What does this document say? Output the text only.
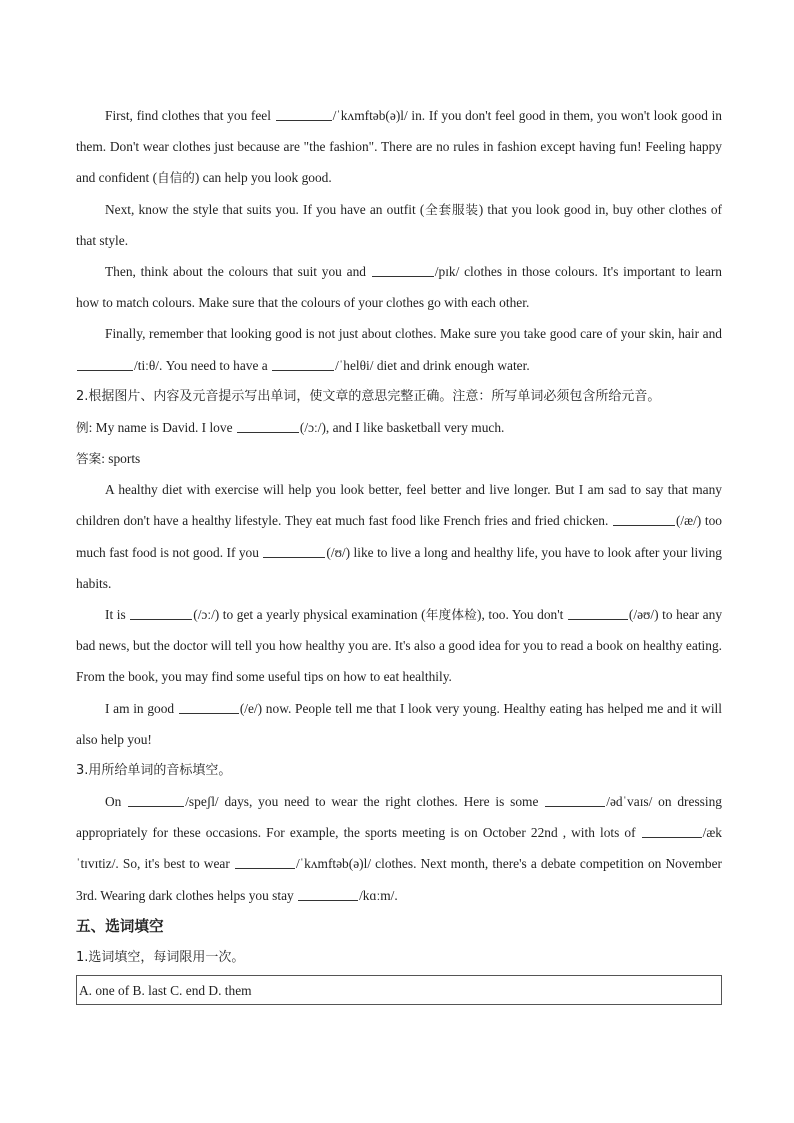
First, find clothes that you feel	/ˈkʌmftəb(ə)l/ in. If you don't feel good in them, you won't look good in them. Don't wear clothes just because are "the fashion". There are no rules in fashion except having fun! Feeling happy and confident (自信的) can help you look good.

Next, know the style that suits you. If you have an outfit (全套服装) that you look good in, buy other clothes of that style.

Then, think about the colours that suit you and	/pɪk/ clothes in those colours. It's important to learn how to match colours. Make sure that the colours of your clothes go with each other.

Finally, remember that looking good is not just about clothes. Make sure you take good care of your skin, hair and /tiːθ/. You need to have a	/ˈhelθi/ diet and drink enough water.

2.根据图片、内容及元音提示写出单词，使文章的意思完整正确。注意：所写单词必须包含所给元音。

例: My name is David. I love	(/ɔː/), and I like basketball very much.

答案: sports

A healthy diet with exercise will help you look better, feel better and live longer. But I am sad to say that many children don't have a healthy lifestyle. They eat much fast food like French fries and fried chicken.	(/æ/) too much fast food is not good. If you	(/ʊ/) like to live a long and healthy life, you have to look after your living habits.

It is	(/ɔː/) to get a yearly physical examination (年度体检), too. You don't	(/əʊ/) to hear any bad news, but the doctor will tell you how healthy you are. It's also a good idea for you to read a book on healthy eating. From the book, you may find some useful tips on how to eat healthily.

I am in good	(/e/) now. People tell me that I look very young. Healthy eating has helped me and it will also help you!

3.用所给单词的音标填空。

On	/speʃl/ days, you need to wear the right clothes. Here is some	/ədˈvaɪs/ on dressing appropriately for these occasions. For example, the sports meeting is on October 22nd , with lots of	/ækˈtɪvɪtiz/. So, it's best to wear	/ˈkʌmftəb(ə)l/ clothes. Next month, there's a debate competition on November 3rd. Wearing dark clothes helps you stay	/kɑːm/.

五、选词填空

1.选词填空，每词限用一次。

A. one of B. last C. end D. them
